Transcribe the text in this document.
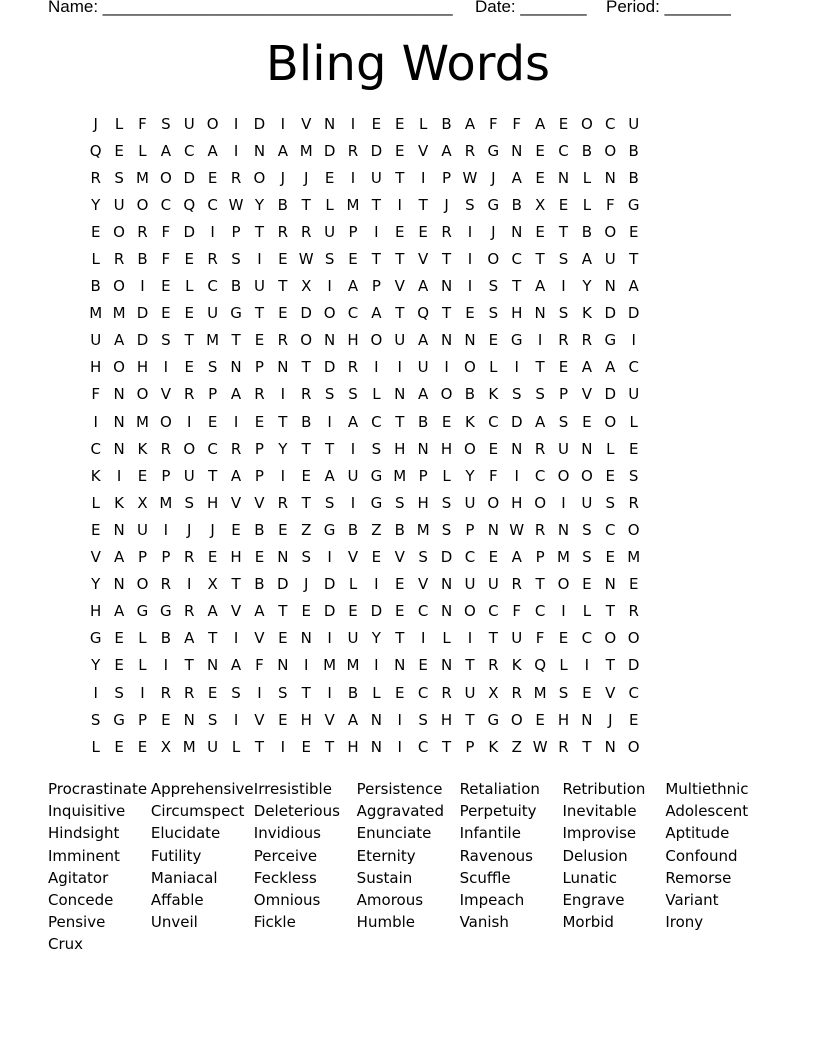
Name: _____________________________________ Date: _______ Period: _______
Bling Words
J	L F S U O	I	D	I	V N	I	E E L B A F F A E O C U
Q E L A C A	I	N A M D R D E V A R G N E C B O B
R S M O D E R O	J	J	E	I	U T	I	P W J	A E N L N B
Y U O C Q C W Y B T L M T	I	T	J	S G B X E L F G
E O R F D	I	P T R R U P	I	E E R	I	J	N E T B O E
L R B F E R S	I	E W S E T T V T	I	O C T S A U T
B O	I	E L C B U T X	I	A P V A N	I	S T A	I	Y N A
M M D E E U G T E D O C A T Q T E S H N S K D D
U A D S T M T E R O N H O U A N N E G	I	R R G	I
H O H	I	E S N P N T D R	I	I	U	I	O L	I	T E A A C
F N O V R P A R	I	R S S L N A O B K S S P V D U
I	N M O	I	E	I	E T B	I	A C T B E K C D A S E O L
C N K R O C R P Y T T	I	S H N H O E N R U N L E
K	I	E P U T A P	I	E A U G M P L Y F	I	C O O E S
L K X M S H V V R T S	I	G S H S U O H O	I	U S R
E N U	I	J	J	E B E Z G B Z B M S P N W R N S C O
V A P P R E H E N S	I	V E V S D C E A P M S E M
Y N O R	I	X T B D	J	D L	I	E V N U U R T O E N E
H A G G R A V A T E D E D E C N O C F C	I	L T R
G E L B A T	I	V E N	I	U Y T	I	L	I	T U F E C O O
Y E L	I	T N A F N	I M M I	N E N T R K Q L	I	T D
I	S	I	R R E S	I	S T	I	B L E C R U X R M S E V C
S G P E N S	I	V E H V A N	I	S H T G O E H N	J	E
L E E X M U L T	I	E T H N	I	C T P K Z W R T N O
Procrastinate Apprehensive Irresistible	Persistence	Retaliation	Retribution	Multiethnic
Inquisitive	Circumspect Deleterious	Aggravated	Perpetuity	Inevitable	Adolescent
Hindsight	Elucidate	Invidious	Enunciate	Infantile	Improvise	Aptitude
Imminent	Futility	Perceive	Eternity	Ravenous	Delusion	Confound
Agitator	Maniacal	Feckless	Sustain	Scuffle	Lunatic	Remorse
Concede	Affable	Omnious	Amorous	Impeach	Engrave	Variant
Pensive	Unveil	Fickle	Humble	Vanish	Morbid	Irony
Crux
